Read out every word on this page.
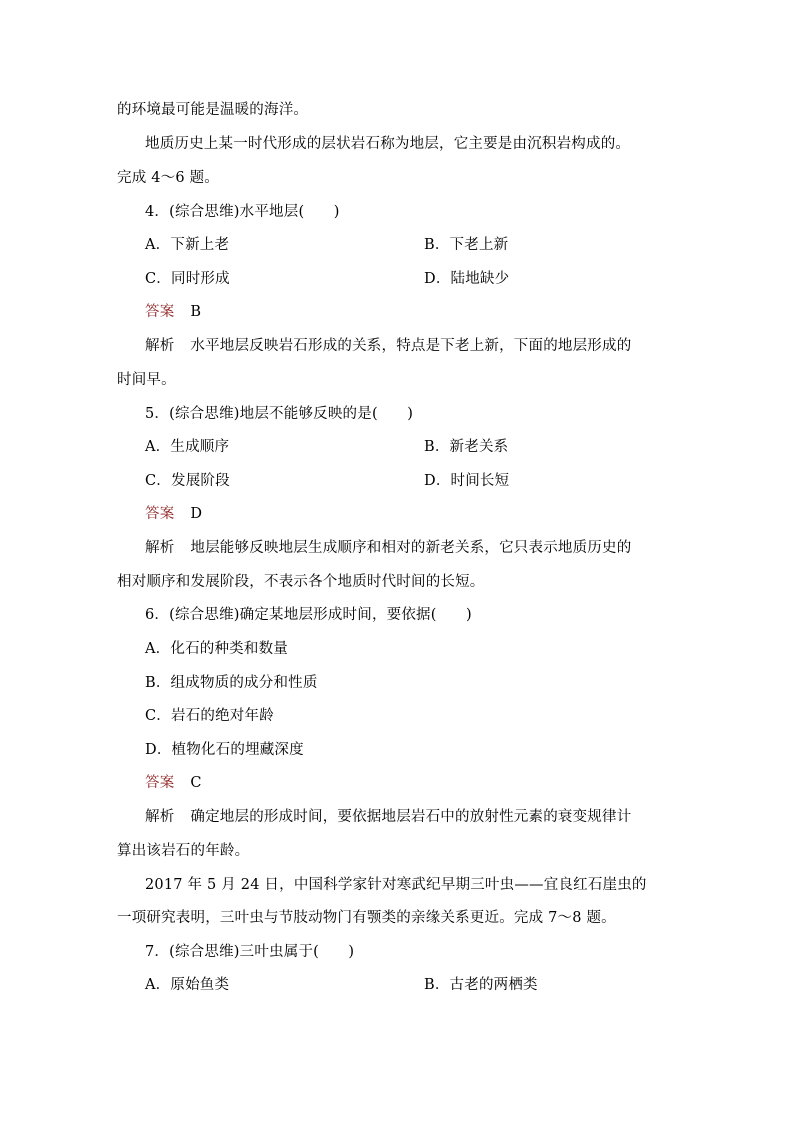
的环境最可能是温暖的海洋。
地质历史上某一时代形成的层状岩石称为地层，它主要是由沉积岩构成的。
完成 4～6 题。
4．(综合思维)水平地层(　　)
A．下新上老	B．下老上新
C．同时形成	D．陆地缺少
答案 B
解析 水平地层反映岩石形成的关系，特点是下老上新，下面的地层形成的
时间早。
5．(综合思维)地层不能够反映的是(　　)
A．生成顺序	B．新老关系
C．发展阶段	D．时间长短
答案 D
解析 地层能够反映地层生成顺序和相对的新老关系，它只表示地质历史的
相对顺序和发展阶段，不表示各个地质时代时间的长短。
6．(综合思维)确定某地层形成时间，要依据(　　)
A．化石的种类和数量
B．组成物质的成分和性质
C．岩石的绝对年龄
D．植物化石的埋藏深度
答案 C
解析 确定地层的形成时间，要依据地层岩石中的放射性元素的衰变规律计
算出该岩石的年龄。
2017 年 5 月 24 日，中国科学家针对寒武纪早期三叶虫——宜良红石崖虫的
一项研究表明，三叶虫与节肢动物门有颚类的亲缘关系更近。完成 7～8 题。
7．(综合思维)三叶虫属于(　　)
A．原始鱼类	B．古老的两栖类
